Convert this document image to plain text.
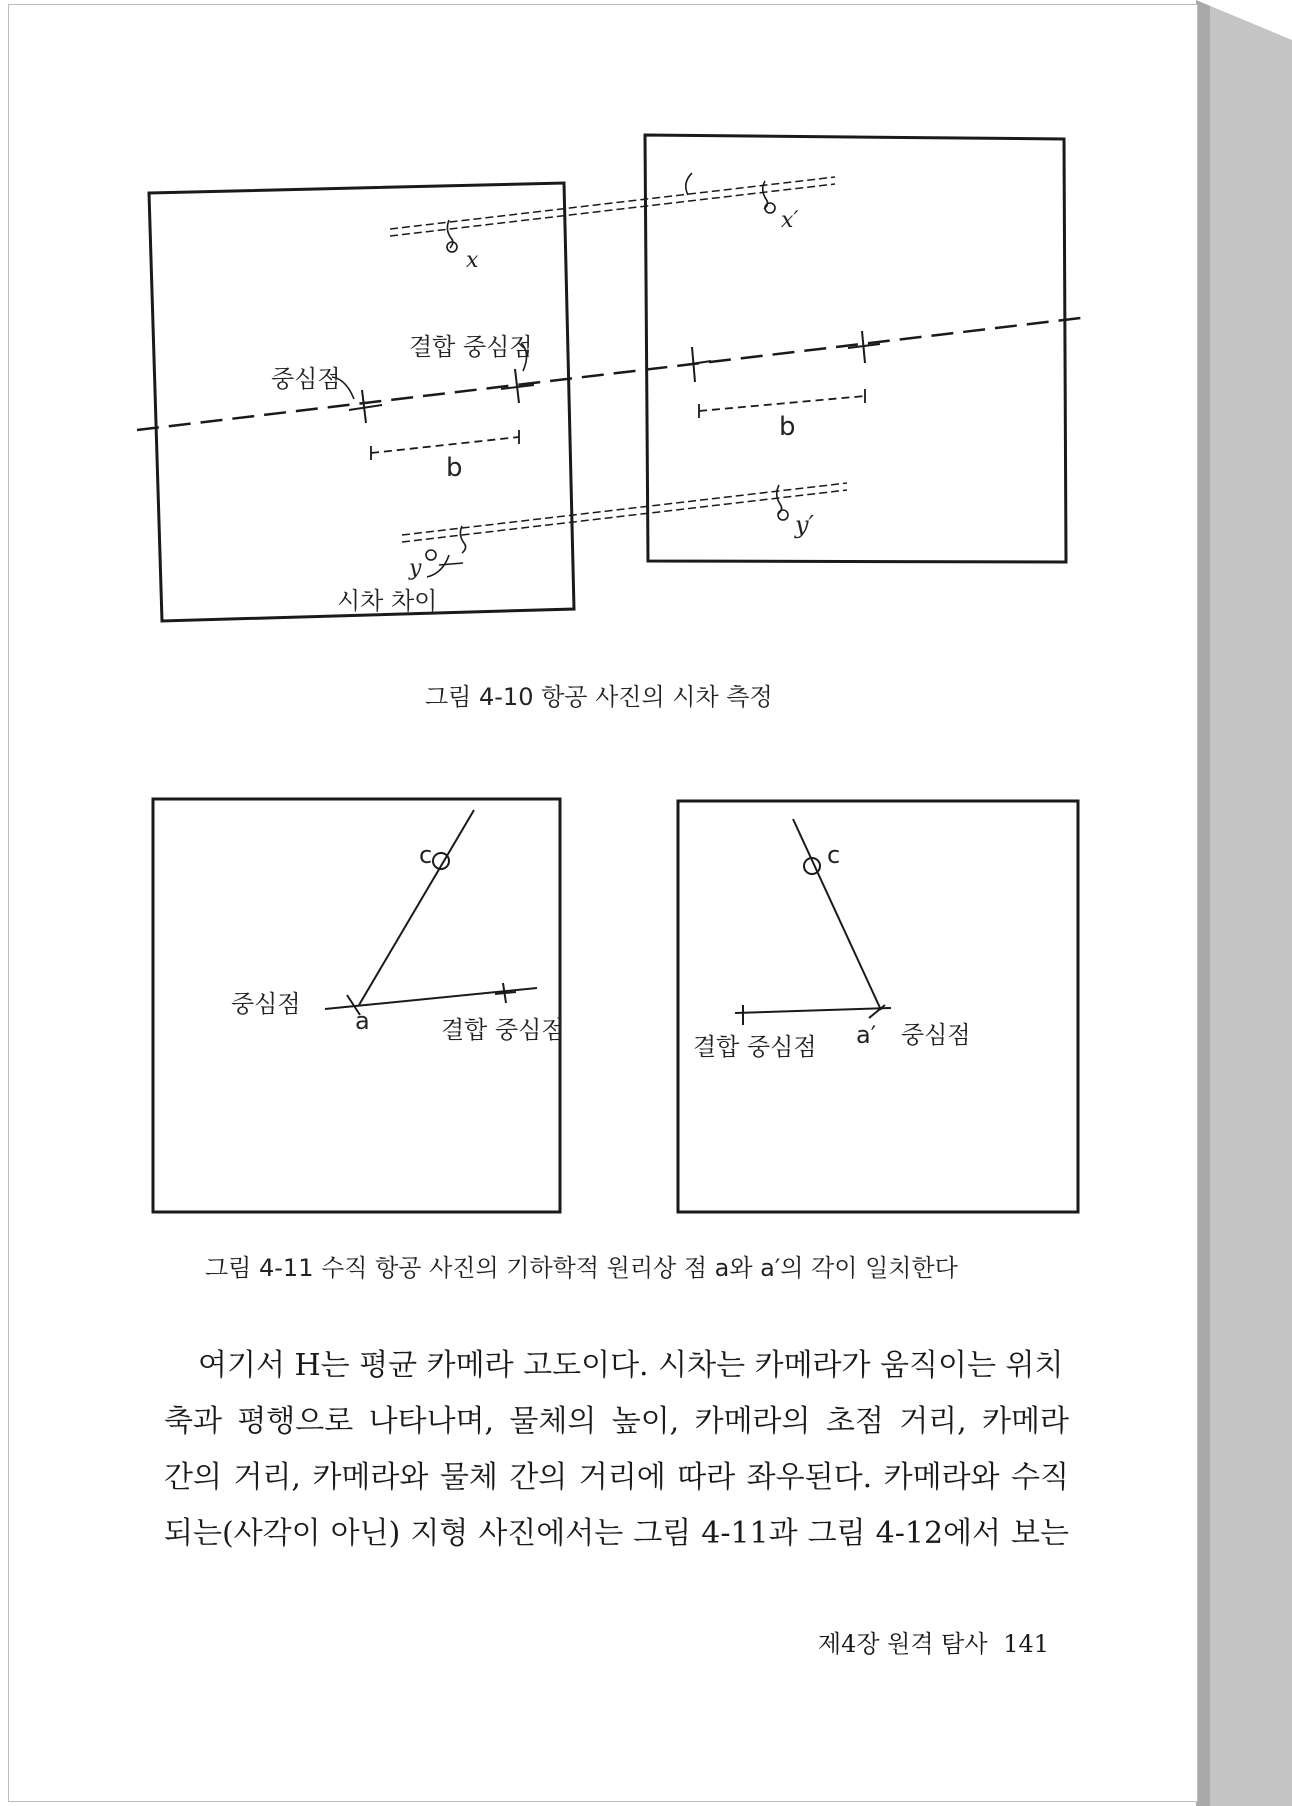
x
x′
결합 중심점
중심점
b
b
y
y′
시차 차이
그림 4-10 항공 사진의 시차 측정
c
중심점
a	결합 중심점
c
결합 중심점 a′ 중심점
그림 4-11 수직 항공 사진의 기하학적 원리상 점 a와 a′의 각이 일치한다
여기서 H는 평균 카메라 고도이다. 시차는 카메라가 움직이는 위치
축과 평행으로 나타나며, 물체의 높이, 카메라의 초점 거리, 카메라
간의 거리, 카메라와 물체 간의 거리에 따라 좌우된다. 카메라와 수직
되는(사각이 아닌) 지형 사진에서는 그림 4-11과 그림 4-12에서 보는
제4장 원격 탐사 141
